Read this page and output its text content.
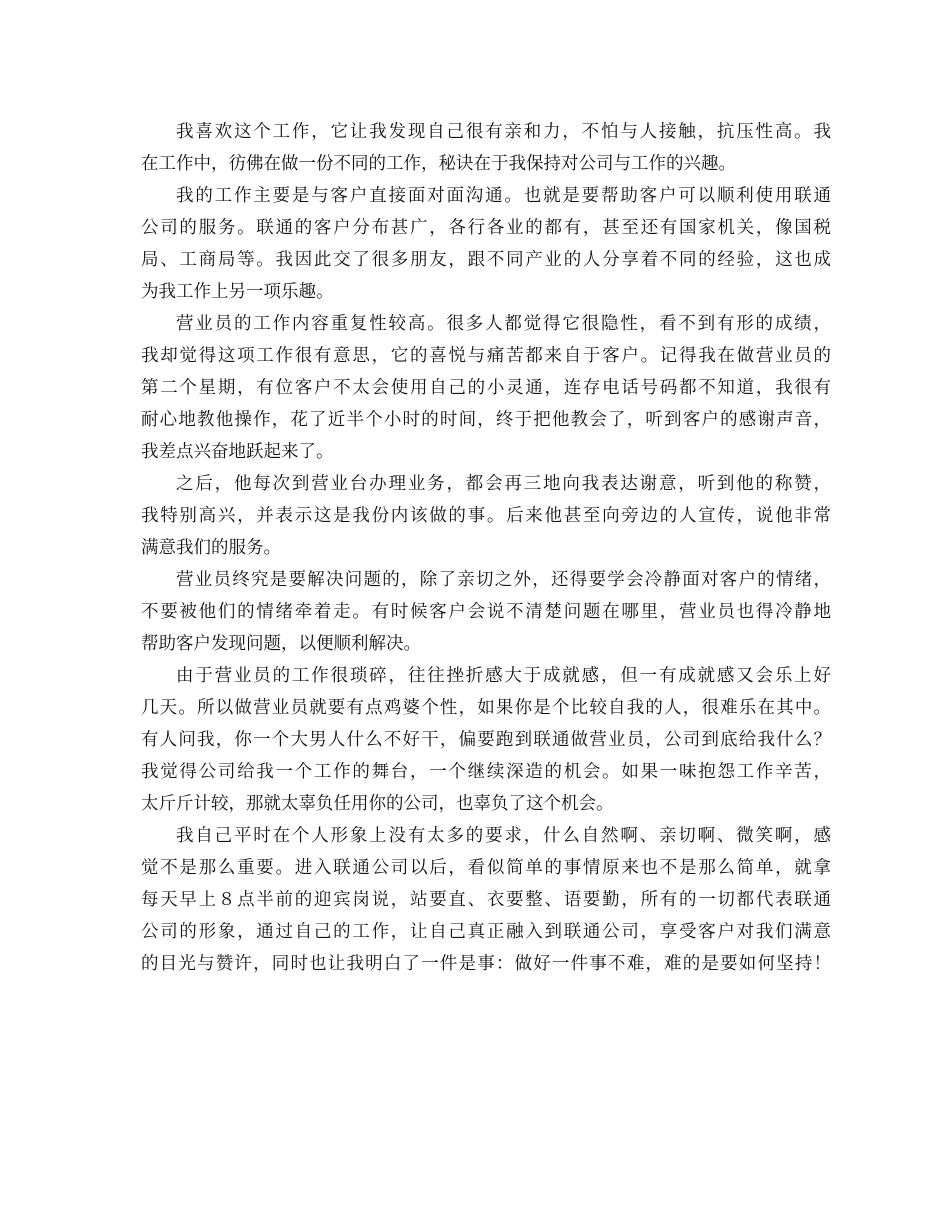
我喜欢这个工作，它让我发现自己很有亲和力，不怕与人接触，抗压性高。我
在工作中，彷佛在做一份不同的工作，秘诀在于我保持对公司与工作的兴趣。
我的工作主要是与客户直接面对面沟通。也就是要帮助客户可以顺利使用联通
公司的服务。联通的客户分布甚广，各行各业的都有，甚至还有国家机关，像国税
局、工商局等。我因此交了很多朋友，跟不同产业的人分享着不同的经验，这也成
为我工作上另一项乐趣。
营业员的工作内容重复性较高。很多人都觉得它很隐性，看不到有形的成绩，
我却觉得这项工作很有意思，它的喜悦与痛苦都来自于客户。记得我在做营业员的
第二个星期，有位客户不太会使用自己的小灵通，连存电话号码都不知道，我很有
耐心地教他操作，花了近半个小时的时间，终于把他教会了，听到客户的感谢声音，
我差点兴奋地跃起来了。
之后，他每次到营业台办理业务，都会再三地向我表达谢意，听到他的称赞，
我特别高兴，并表示这是我份内该做的事。后来他甚至向旁边的人宣传，说他非常
满意我们的服务。
营业员终究是要解决问题的，除了亲切之外，还得要学会冷静面对客户的情绪，
不要被他们的情绪牵着走。有时候客户会说不清楚问题在哪里，营业员也得冷静地
帮助客户发现问题，以便顺利解决。
由于营业员的工作很琐碎，往往挫折感大于成就感，但一有成就感又会乐上好
几天。所以做营业员就要有点鸡婆个性，如果你是个比较自我的人，很难乐在其中。
有人问我，你一个大男人什么不好干，偏要跑到联通做营业员，公司到底给我什么？
我觉得公司给我一个工作的舞台，一个继续深造的机会。如果一味抱怨工作辛苦，
太斤斤计较，那就太辜负任用你的公司，也辜负了这个机会。
我自己平时在个人形象上没有太多的要求，什么自然啊、亲切啊、微笑啊，感
觉不是那么重要。进入联通公司以后，看似简单的事情原来也不是那么简单，就拿
每天早上８点半前的迎宾岗说，站要直、衣要整、语要勤，所有的一切都代表联通
公司的形象，通过自己的工作，让自己真正融入到联通公司，享受客户对我们满意
的目光与赞许，同时也让我明白了一件是事：做好一件事不难，难的是要如何坚持！
